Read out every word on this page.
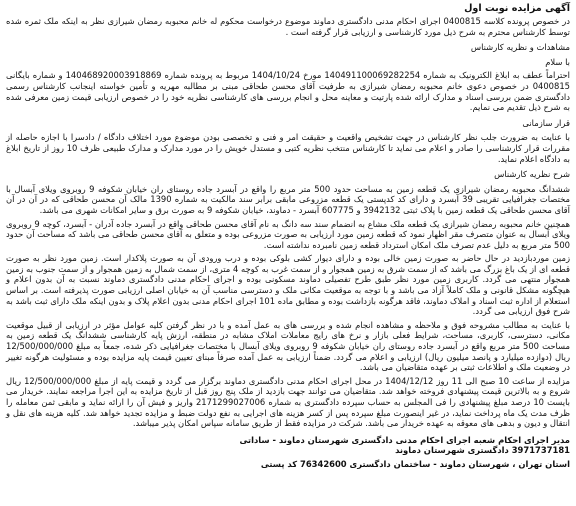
آگهی مزایده نوبت اول
در خصوص پرونده کلاسه 0400815 اجرای احکام مدنی دادگستری دماوند موضوع درخواست محکوم له خانم محبوبه رمضان شیرازی نظر به اینکه ملک ثمره شده توسط کارشناس محترم به شرح ذیل مورد کارشناسی و ارزیابی قرار گرفته است .
مشاهدات و نظریه کارشناس
با سلام
احتراماً عطف به ابلاغ الکترونیک به شماره 140491100069282254 مورخ 1404/10/24 مربوط به پرونده شماره 140468920003918869 و شماره بایگانی 0400815 در خصوص دعوی خانم محبوبه رمضان شیرازی به طرفیت آقای محسن طحاقی مبنی بر مطالبه مهریه و تأمین خواسته اینجانب کارشناس رسمی دادگستری ضمن بررسی اسناد و مدارک ارائه شده پارتیت و معاینه محل و انجام بررسی های کارشناسی نظریه خود را در خصوص ارزیابی قیمت زمین معرفی شده به شرح ذیل تقدیم می نمایم.
قرار سازمانی
با عنایت به ضرورت جلب نظر کارشناس در جهت تشخیص واقعیت و حقیقت امر و فنی و تخصصی بودن موضوع مورد اختلاف دادگاه / دادسرا با اجازه حاصله از مقررات قرار کارشناسی را صادر و اعلام می نماید تا کارشناس منتخب نظریه کتبی و مستدل خویش را در مورد مدارک و مدارک طبیعی ظرف 10 روز از تاریخ ابلاغ به دادگاه اعلام نماید.
شرح نظریه کارشناس
ششدانگ محبوبه رمضان شیرازی یک قطعه زمین به مساحت حدود 500 متر مربع را واقع در آبسرد جاده روستای ران خیابان شکوفه 9 روبروی ویلای آبسال با مختصات جغرافیایی تقریبی 39 آبسرد و دارای کد کدپستی یک قطعه مزروعی مابقی برابر سند مالکیت به شماره 1390 مالک آن محسن طحاقی که در آن در آن آقای محسن طحاقی یک قطعه زمین با پلاک ثبتی 3942132 و 607775 آبسرد - دماوند، خیابان شکوفه 9 به صورت برق و سایر امکانات شهری می باشد.
همچنین خانم محبوبه رمضان شیرازی یک قطعه ملک مشاع به انضمام سند سه دانگ به نام آقای محسن طحاقی واقع در آبسرد جاده آدران - آبسرد، کوچه 9 روبروی ویلای آبسال به عنوان متصرف مقر اظهار نمود که قطعه زمین مورد ارزیابی به صورت مزروعی بوده و متعلق به آقای محسن طحاقی می باشد که مساحت آن حدود 500 متر مربع به دلیل عدم تصرف ملک امکان استرداد قطعه زمین نامبرده نداشته است.
زمین موردبازدید در حال حاضر به صورت زمین خالی بوده و دارای دیوار کشی بلوکی بوده و درب ورودی آن به صورت پلاکدار است. زمین مورد نظر به صورت قطعه ای از یک باغ بزرگ می باشد که از سمت شرق به زمین همجوار و از سمت غرب به کوچه 4 متری، از سمت شمال به زمین همجوار و از سمت جنوب به زمین همجوار منتهی می گردد. کاربری زمین مورد نظر طبق طرح تفصیلی دماوند مسکونی بوده و اجرای احکام مدنی دادگستری دماوند نسبت به آن بدون اعلام و هیچگونه مشکل قانونی و ملک کاملاً آزاد می باشد و با توجه به موقعیت مکانی ملک و دسترسی مناسب آن به خیابان اصلی ارزیابی صورت پذیرفته است. بر اساس استعلام از اداره ثبت اسناد و املاک دماوند، فاقد هرگونه بازداشت بوده و مطابق ماده 101 اجرای احکام مدنی بدون اعلام پلاک و بدون اینکه ملک دارای ثبت باشد به شرح فوق ارزیابی می گردد.
با عنایت به مطالب مشروحه فوق و ملاحظه و مشاهده انجام شده و بررسی های به عمل آمده و با در نظر گرفتن کلیه عوامل مؤثر در ارزیابی از قبیل موقعیت مکانی، دسترسی، کاربری، مساحت، شرایط فعلی بازار و نرخ های رایج معاملات املاک مشابه در منطقه، ارزش پایه کارشناسی ششدانگ یک قطعه زمین به مساحت 500 متر مربع واقع در آبسرد جاده روستای ران خیابان شکوفه 9 روبروی ویلای آبسال با مختصات جغرافیایی ذکر شده، جمعاً به مبلغ 12/500/000/000 ریال (دوازده میلیارد و پانصد میلیون ریال) ارزیابی و اعلام می گردد. ضمناً ارزیابی به عمل آمده صرفاً مبنای تعیین قیمت پایه مزایده بوده و مسئولیت هرگونه تغییر در وضعیت ملک و اطلاعات ثبتی بر عهده متقاضیان می باشد.
مزایده از ساعت 10 صبح الی 11 روز 1404/12/12 در محل اجرای احکام مدنی دادگستری دماوند برگزار می گردد و قیمت پایه از مبلغ 12/500/000/000 ریال شروع و به بالاترین قیمت پیشنهادی فروخته خواهد شد. متقاضیان می توانند جهت بازدید از ملک پنج روز قبل از تاریخ مزایده به این اجرا مراجعه نمایند. خریدار می بایست 10 درصد مبلغ پیشنهادی را فی المجلس به حساب سپرده دادگستری به شماره 2171299027006 واریز و فیش آن را ارائه نماید و مابقی ثمن معامله را ظرف مدت یک ماه پرداخت نماید، در غیر اینصورت مبلغ سپرده پس از کسر هزینه های اجرایی به نفع دولت ضبط و مزایده تجدید خواهد شد. کلیه هزینه های نقل و انتقال و دیون و بدهی های معوقه به عهده خریدار می باشد. شرکت در مزایده فقط از طریق سامانه سپاس امکان پذیر میباشد.
مدیر اجرای احکام شعبه اجرای احکام مدنی دادگستری شهرستان دماوند - ساداتی
3971737181 دادگستری شهرستان دماوند
استان تهران ، شهرستان دماوند - ساختمان دادگستری 76342600 کد پستی
